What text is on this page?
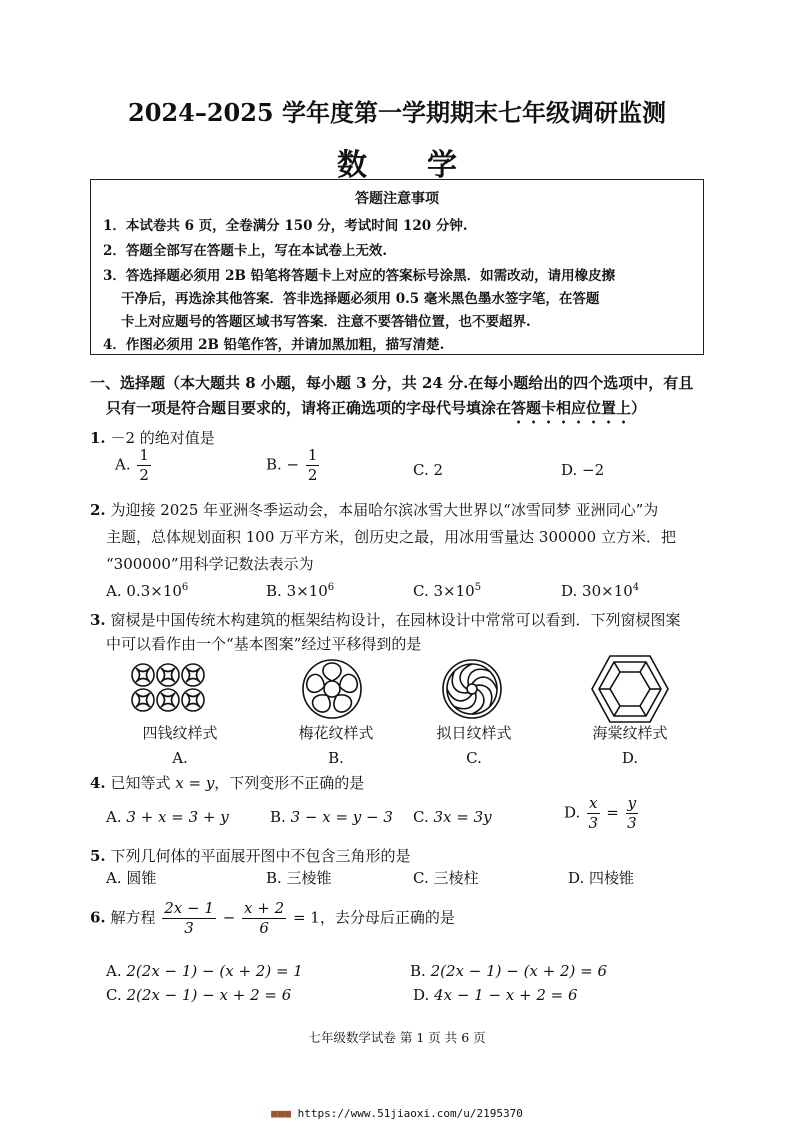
2024–2025 学年度第一学期期末七年级调研监测
数学
答题注意事项
1．本试卷共 6 页，全卷满分 150 分，考试时间 120 分钟.
2．答题全部写在答题卡上，写在本试卷上无效.
3．答选择题必须用 2B 铅笔将答题卡上对应的答案标号涂黑．如需改动，请用橡皮擦
干净后，再选涂其他答案．答非选择题必须用 0.5 毫米黑色墨水签字笔，在答题
卡上对应题号的答题区域书写答案．注意不要答错位置，也不要超界.
4．作图必须用 2B 铅笔作答，并请加黑加粗，描写清楚.
一、选择题（本大题共 8 小题，每小题 3 分，共 24 分.在每小题给出的四个选项中，有且
只有一项是符合题目要求的，请将正确选项的字母代号填涂在答题卡相应位置上）
1. －2 的绝对值是
A. $\frac{1}{2}$	B. − $\frac{1}{2}$	C. 2	D. −2
2. 为迎接 2025 年亚洲冬季运动会，本届哈尔滨冰雪大世界以“冰雪同梦 亚洲同心”为
主题，总体规划面积 100 万平方米，创历史之最，用冰用雪量达 300000 立方米．把
“300000”用科学记数法表示为
A. $0.3\times 10^6$	B. $3\times 10^6$	C. $3\times 10^5$	D. $30\times 10^4$
3. 窗棂是中国传统木构建筑的框架结构设计，在园林设计中常常可以看到．下列窗棂图案
中可以看作由一个“基本图案”经过平移得到的是
四钱纹样式	梅花纹样式	拟日纹样式	海棠纹样式
A.	B.	C.	D.
4. 已知等式 x = y，下列变形不正确的是
A. 3 + x = 3 + y	B. 3 − x = y − 3 C. 3x = 3y	D. $\frac{x}{3} = \frac{y}{3}$
5. 下列几何体的平面展开图中不包含三角形的是
A. 圆锥	B. 三棱锥	C. 三棱柱	D. 四棱锥
6. 解方程 $\frac{2x - 1}{3} - \frac{x + 2}{6} = 1$，去分母后正确的是
A. 2(2x − 1) − (x + 2) = 1	B. 2(2x − 1) − (x + 2) = 6
C. 2(2x − 1) − x + 2 = 6	D. 4x − 1 − x + 2 = 6
七年级数学试卷 第 1 页 共 6 页
■■■ https://www.51jiaoxi.com/u/2195370
